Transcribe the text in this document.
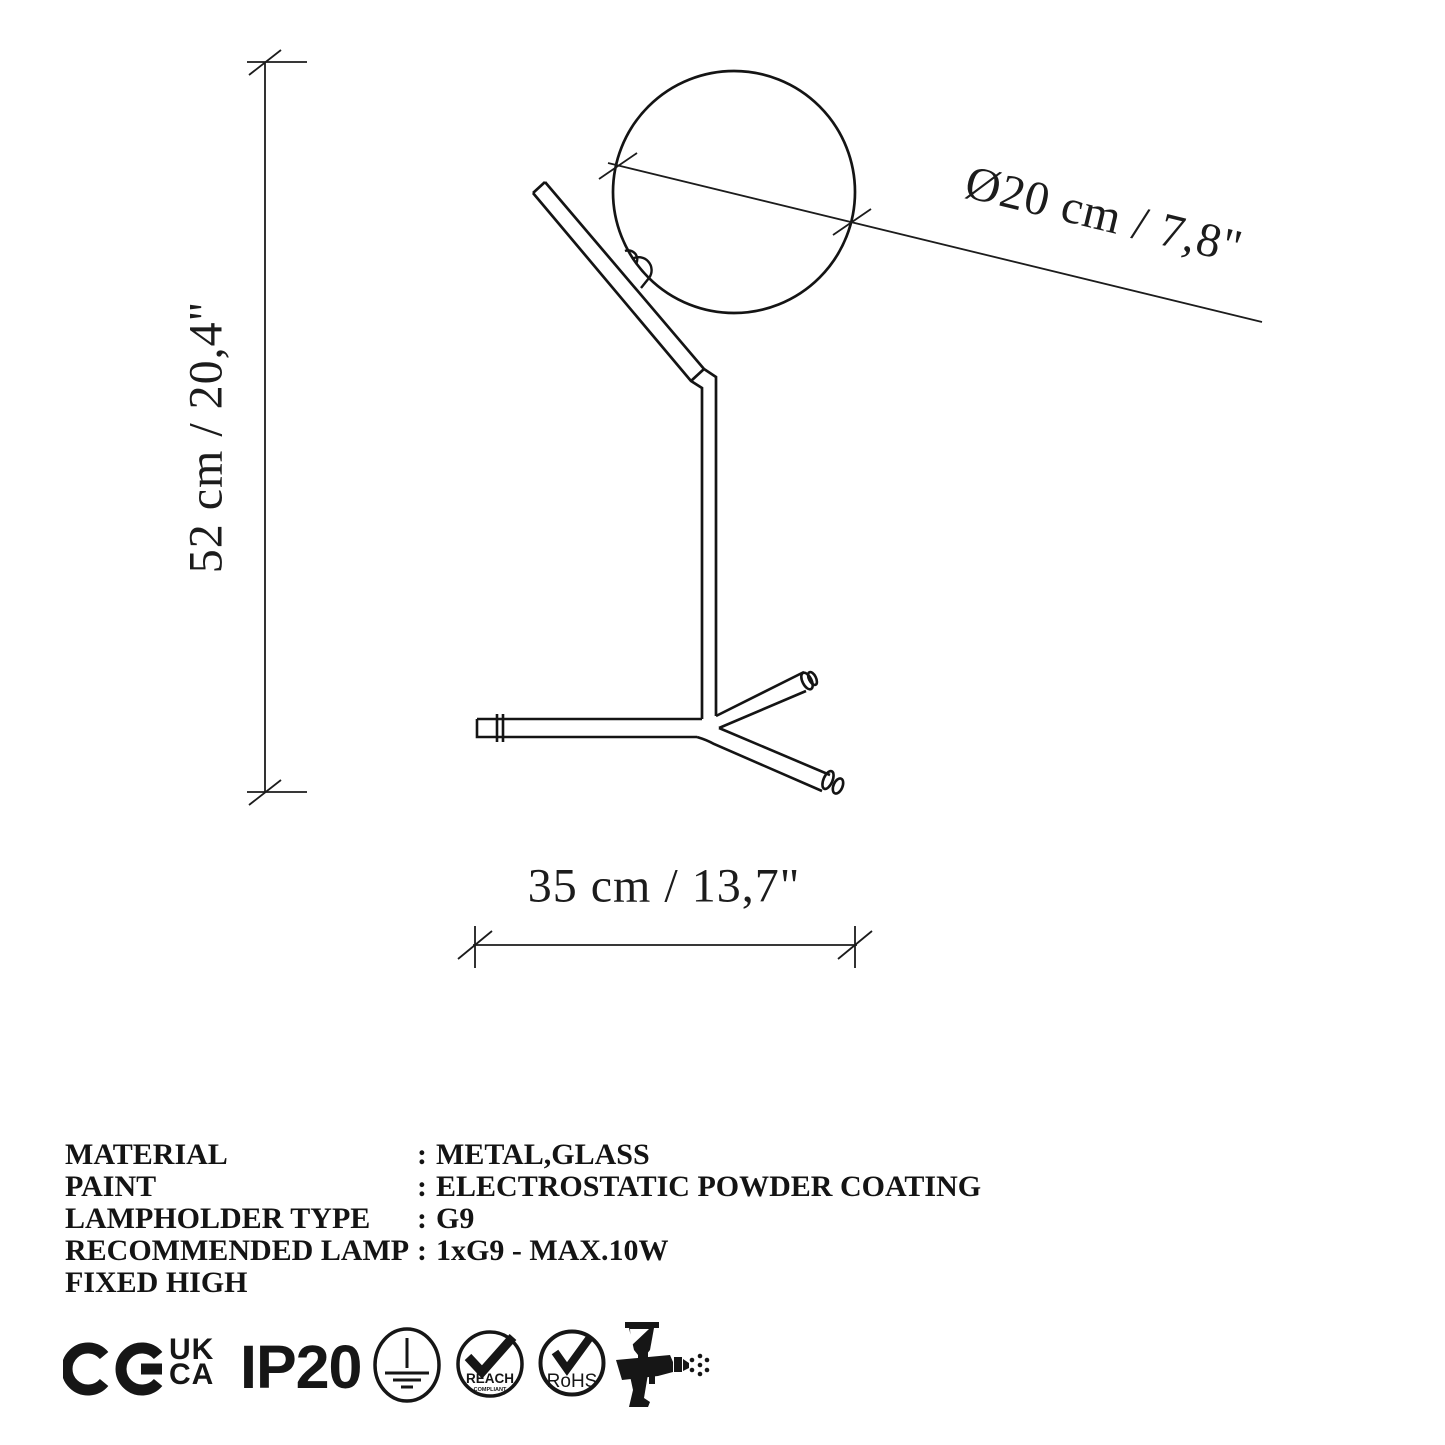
52 cm / 20,4"
Ø20 cm / 7,8"
35 cm / 13,7"
MATERIAL	: METAL,GLASS
PAINT	: ELECTROSTATIC POWDER COATING
LAMPHOLDER TYPE	: G9
RECOMMENDED LAMP : 1xG9 - MAX.10W
FIXED HIGH
UK
CA IP20	REACH
COMPLIANT RoHS
